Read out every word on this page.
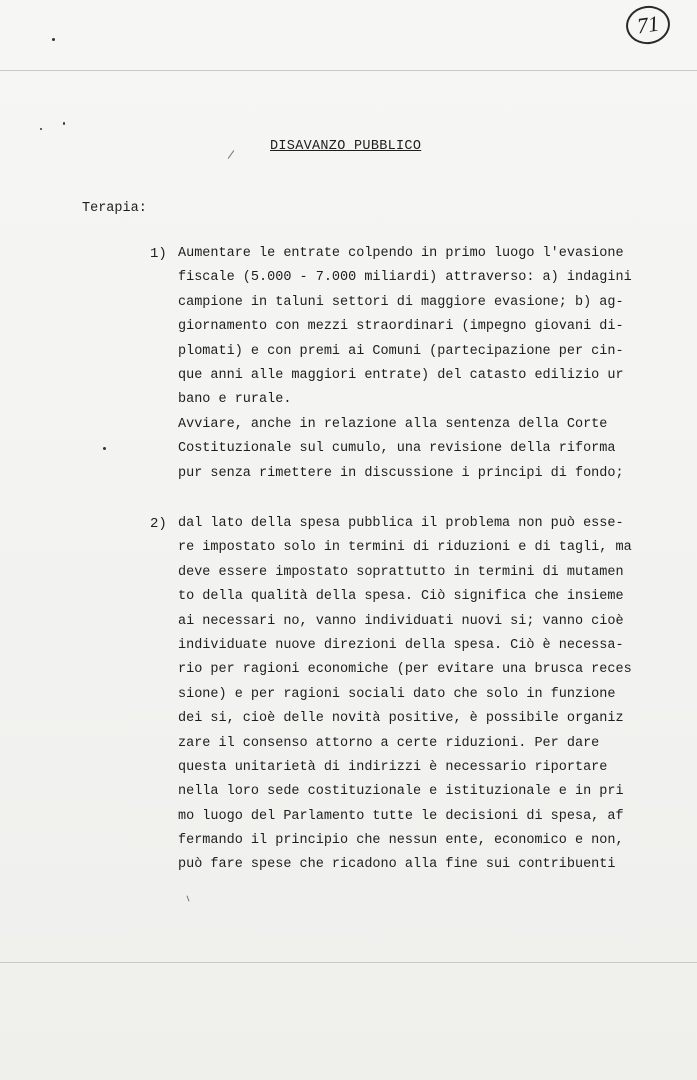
71
DISAVANZO PUBBLICO
Terapia:
1) Aumentare le entrate colpendo in primo luogo l'evasione
fiscale (5.000 - 7.000 miliardi) attraverso: a) indagini
campione in taluni settori di maggiore evasione; b) ag-
giornamento con mezzi straordinari (impegno giovani di-
plomati) e con premi ai Comuni (partecipazione per cin-
que anni alle maggiori entrate) del catasto edilizio ur
bano e rurale.
Avviare, anche in relazione alla sentenza della Corte
Costituzionale sul cumulo, una revisione della riforma
pur senza rimettere in discussione i principi di fondo;
2) dal lato della spesa pubblica il problema non può esse-
re impostato solo in termini di riduzioni e di tagli, ma
deve essere impostato soprattutto in termini di mutamen
to della qualità della spesa. Ciò significa che insieme
ai necessari no, vanno individuati nuovi si; vanno cioè
individuate nuove direzioni della spesa. Ciò è necessa-
rio per ragioni economiche (per evitare una brusca reces
sione) e per ragioni sociali dato che solo in funzione
dei si, cioè delle novità positive, è possibile organiz
zare il consenso attorno a certe riduzioni. Per dare
questa unitarietà di indirizzi è necessario riportare
nella loro sede costituzionale e istituzionale e in pri
mo luogo del Parlamento tutte le decisioni di spesa, af
fermando il principio che nessun ente, economico e non,
può fare spese che ricadono alla fine sui contribuenti
